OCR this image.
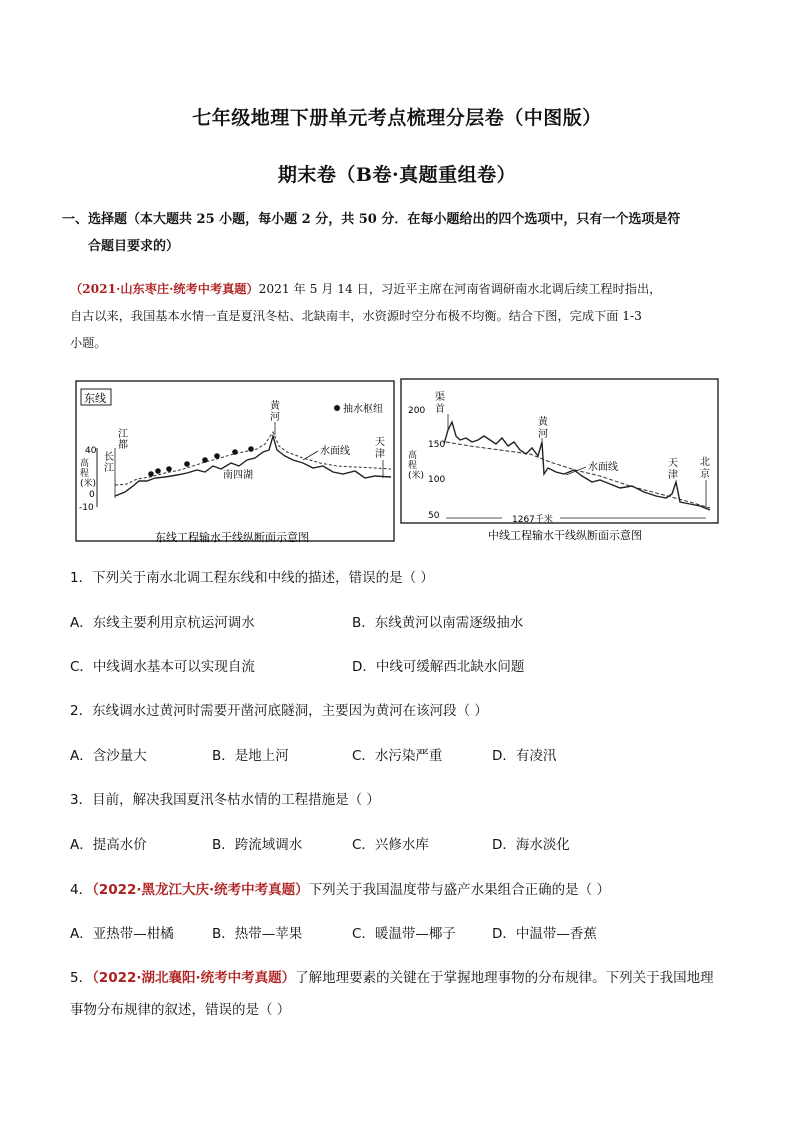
七年级地理下册单元考点梳理分层卷（中图版）
期末卷（B卷·真题重组卷）
一、选择题（本大题共 25 小题，每小题 2 分，共 50 分．在每小题给出的四个选项中，只有一个选项是符
合题目要求的）
（2021·山东枣庄·统考中考真题）2021 年 5 月 14 日，习近平主席在河南省调研南水北调后续工程时指出，
自古以来，我国基本水情一直是夏汛冬枯、北缺南丰，水资源时空分布极不均衡。结合下图，完成下面 1-3
小题。
东线
抽水枢纽
40
0
-10
高
程
(米)
江
都
长
江
黄
河
水面线
天
津
南四湖
东线工程输水干线纵断面示意图
200
150
100
50
高
程
(米)
渠
首
黄
河
水面线	天
津
北
京
1267千米
中线工程输水干线纵断面示意图
1．下列关于南水北调工程东线和中线的描述，错误的是（ ）
A．东线主要利用京杭运河调水	B．东线黄河以南需逐级抽水
C．中线调水基本可以实现自流	D．中线可缓解西北缺水问题
2．东线调水过黄河时需要开凿河底隧洞，主要因为黄河在该河段（ ）
A．含沙量大	B．是地上河	C．水污染严重	D．有凌汛
3．目前，解决我国夏汛冬枯水情的工程措施是（ ）
A．提高水价	B．跨流域调水	C．兴修水库	D．海水淡化
4．（2022·黑龙江大庆·统考中考真题）下列关于我国温度带与盛产水果组合正确的是（ ）
A．亚热带—柑橘	B．热带—苹果	C．暖温带—椰子	D．中温带—香蕉
5．（2022·湖北襄阳·统考中考真题）了解地理要素的关键在于掌握地理事物的分布规律。下列关于我国地理
事物分布规律的叙述，错误的是（ ）
